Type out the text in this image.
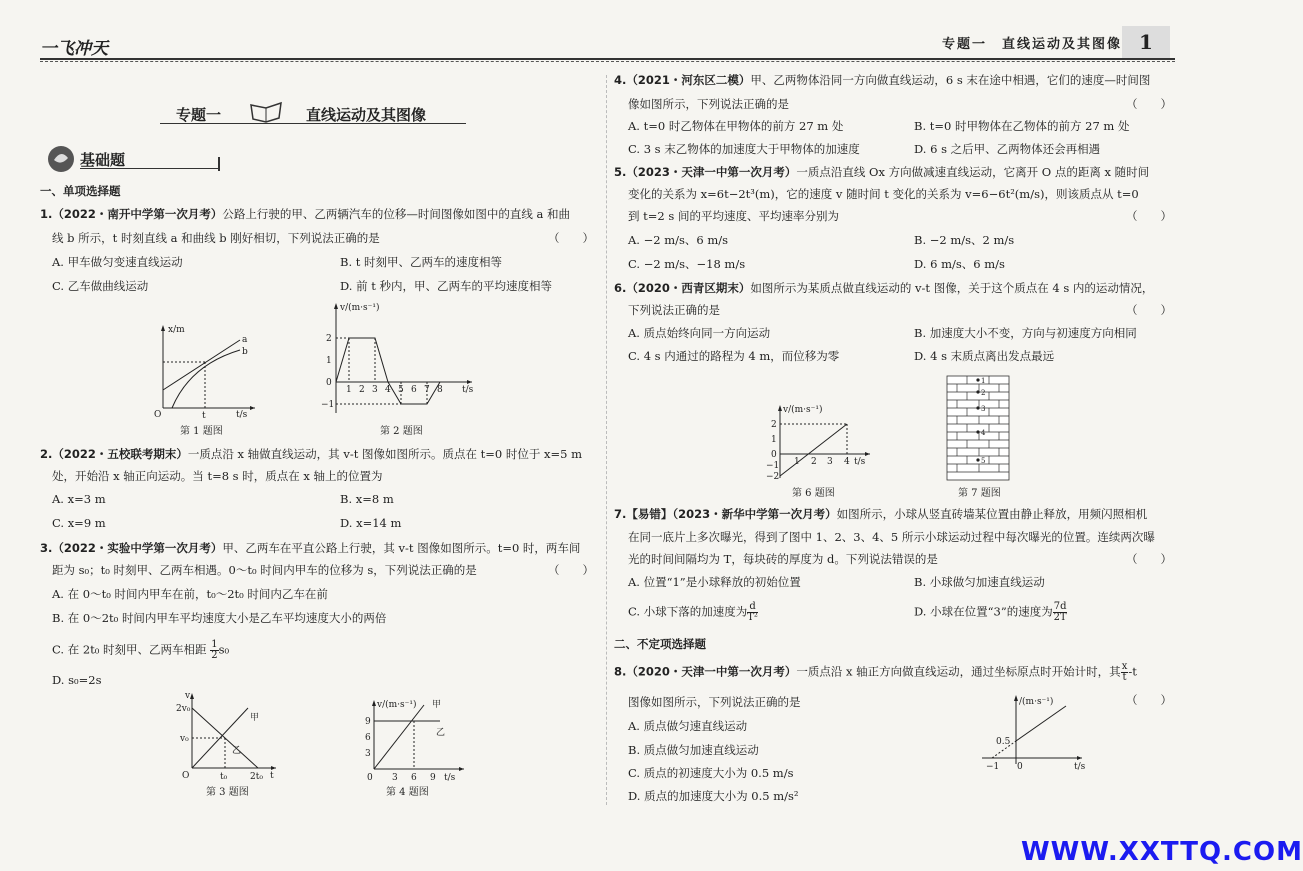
一飞冲天	专题一　直线运动及其图像 1
专题一	直线运动及其图像
基础题
一、单项选择题
1.（2022・南开中学第一次月考）公路上行驶的甲、乙两辆汽车的位移—时间图像如图中的直线 a 和曲
线 b 所示，t 时刻直线 a 和曲线 b 刚好相切，下列说法正确的是	（　　）
A. 甲车做匀变速直线运动	B. t 时刻甲、乙两车的速度相等
C. 乙车做曲线运动	D. 前 t 秒内，甲、乙两车的平均速度相等
x/m
t/s
O	t
a
b
第 1 题图
v/(m·s⁻¹)
t/s
2
1
0
−1
1 2 3 4 5 6 7 8
第 2 题图
2.（2022・五校联考期末）一质点沿 x 轴做直线运动，其 v-t 图像如图所示。质点在 t=0 时位于 x=5 m
处，开始沿 x 轴正向运动。当 t=8 s 时，质点在 x 轴上的位置为
A. x=3 m	B. x=8 m
C. x=9 m	D. x=14 m
3.（2022・实验中学第一次月考）甲、乙两车在平直公路上行驶，其 v-t 图像如图所示。t=0 时，两车间
距为 s₀；t₀ 时刻甲、乙两车相遇。0～t₀ 时间内甲车的位移为 s，下列说法正确的是	（　　）
A. 在 0～t₀ 时间内甲车在前，t₀～2t₀ 时间内乙车在前
B. 在 0～2t₀ 时间内甲车平均速度大小是乙车平均速度大小的两倍
C. 在 2t₀ 时刻甲、乙两车相距 $\frac{1}{2}s_0$
D. s₀=2s
v
t
O
2v₀
v₀
t₀	2t₀
甲
乙
第 3 题图
v/(m·s⁻¹)
t/s
甲
乙
9
6
3
0 3 6 9
第 4 题图
4.（2021・河东区二模）甲、乙两物体沿同一方向做直线运动，6 s 末在途中相遇，它们的速度—时间图
像如图所示，下列说法正确的是	（　　）
A. t=0 时乙物体在甲物体的前方 27 m 处	B. t=0 时甲物体在乙物体的前方 27 m 处
C. 3 s 末乙物体的加速度大于甲物体的加速度	D. 6 s 之后甲、乙两物体还会再相遇
5.（2023・天津一中第一次月考）一质点沿直线 Ox 方向做减速直线运动，它离开 O 点的距离 x 随时间
变化的关系为 x=6t−2t³(m)，它的速度 v 随时间 t 变化的关系为 v=6−6t²(m/s)，则该质点从 t=0
到 t=2 s 间的平均速度、平均速率分别为	（　　）
A. −2 m/s、6 m/s	B. −2 m/s、2 m/s
C. −2 m/s、−18 m/s	D. 6 m/s、6 m/s
6.（2020・西青区期末）如图所示为某质点做直线运动的 v-t 图像，关于这个质点在 4 s 内的运动情况，
下列说法正确的是	（　　）
A. 质点始终向同一方向运动	B. 加速度大小不变，方向与初速度方向相同
C. 4 s 内通过的路程为 4 m，而位移为零	D. 4 s 末质点离出发点最远
v/(m·s⁻¹)
t/s
2
1
0
−1
−2
1 2 3 4
第 6 题图
1
2
3
4
5
第 7 题图
7.【易错】（2023・新华中学第一次月考）如图所示，小球从竖直砖墙某位置由静止释放，用频闪照相机
在同一底片上多次曝光，得到了图中 1、2、3、4、5 所示小球运动过程中每次曝光的位置。连续两次曝
光的时间间隔均为 T，每块砖的厚度为 d。下列说法错误的是	（　　）
A. 位置“1”是小球释放的初始位置	B. 小球做匀加速直线运动
C. 小球下落的加速度为 $\frac{d}{\text{T²}}$	D. 小球在位置“3”的速度为 $\frac{7d}{2T}$
二、不定项选择题
8.（2020・天津一中第一次月考）一质点沿 x 轴正方向做直线运动，通过坐标原点时开始计时，其 $\frac{x}{t}-t$
图像如图所示，下列说法正确的是	（　　）
A. 质点做匀速直线运动
B. 质点做匀加速直线运动
C. 质点的初速度大小为 0.5 m/s
D. 质点的加速度大小为 0.5 m/s²
/(m·s⁻¹)
t/s
0.5
−1 0
WWW.XXTTQ.COM
